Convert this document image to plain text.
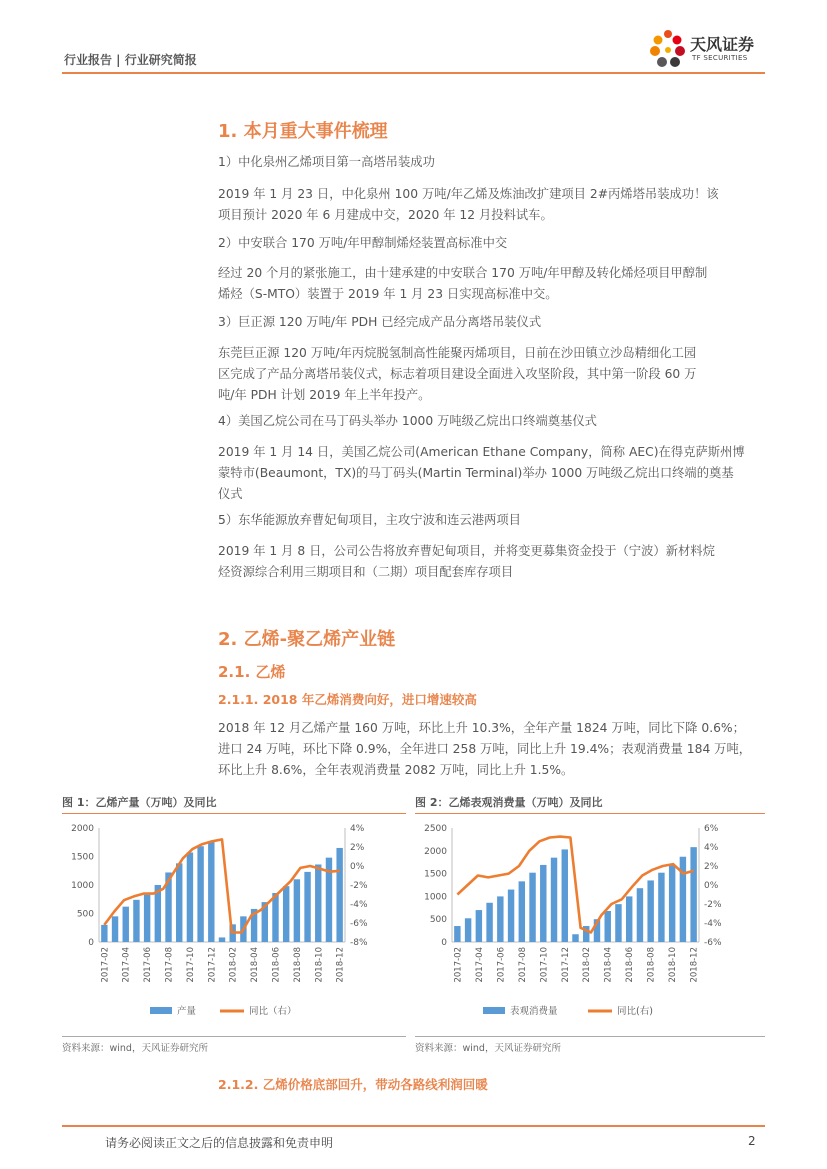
行业报告 | 行业研究简报
天风证券
TF SECURITIES
1. 本月重大事件梳理
1）中化泉州乙烯项目第一高塔吊装成功
2019 年 1 月 23 日，中化泉州 100 万吨/年乙烯及炼油改扩建项目 2#丙烯塔吊装成功！该
项目预计 2020 年 6 月建成中交，2020 年 12 月投料试车。
2）中安联合 170 万吨/年甲醇制烯烃装置高标准中交
经过 20 个月的紧张施工，由十建承建的中安联合 170 万吨/年甲醇及转化烯烃项目甲醇制
烯烃（S-MTO）装置于 2019 年 1 月 23 日实现高标准中交。
3）巨正源 120 万吨/年 PDH 已经完成产品分离塔吊装仪式
东莞巨正源 120 万吨/年丙烷脱氢制高性能聚丙烯项目，日前在沙田镇立沙岛精细化工园
区完成了产品分离塔吊装仪式，标志着项目建设全面进入攻坚阶段，其中第一阶段 60 万
吨/年 PDH 计划 2019 年上半年投产。
4）美国乙烷公司在马丁码头举办 1000 万吨级乙烷出口终端奠基仪式
2019 年 1 月 14 日，美国乙烷公司(American Ethane Company，简称 AEC)在得克萨斯州博
蒙特市(Beaumont，TX)的马丁码头(Martin Terminal)举办 1000 万吨级乙烷出口终端的奠基
仪式
5）东华能源放弃曹妃甸项目，主攻宁波和连云港两项目
2019 年 1 月 8 日，公司公告将放弃曹妃甸项目，并将变更募集资金投于（宁波）新材料烷
烃资源综合利用三期项目和（二期）项目配套库存项目
2. 乙烯-聚乙烯产业链
2.1. 乙烯
2.1.1. 2018 年乙烯消费向好，进口增速较高
2018 年 12 月乙烯产量 160 万吨，环比上升 10.3%，全年产量 1824 万吨，同比下降 0.6%；
进口 24 万吨，环比下降 0.9%，全年进口 258 万吨，同比上升 19.4%；表观消费量 184 万吨，
环比上升 8.6%，全年表观消费量 2082 万吨，同比上升 1.5%。
图 1：乙烯产量（万吨）及同比	图 2：乙烯表观消费量（万吨）及同比
0
500
1000
1500
2000	4%
2%
0%
-2%
-4%
-6%
-8%
2017-02 2017-04 2017-06 2017-08 2017-10 2017-12 2018-02 2018-04 2018-06 2018-08 2018-10 2018-12
产量	同比（右）
0
500
1000
1500
2000
2500	6%
4%
2%
0%
-2%
-4%
-6%
2017-02 2017-04 2017-06 2017-08 2017-10 2017-12 2018-02 2018-04 2018-06 2018-08 2018-10 2018-12
表观消费量	同比(右)
资料来源：wind，天风证券研究所	资料来源：wind，天风证券研究所
2.1.2. 乙烯价格底部回升，带动各路线利润回暖
请务必阅读正文之后的信息披露和免责申明	2
